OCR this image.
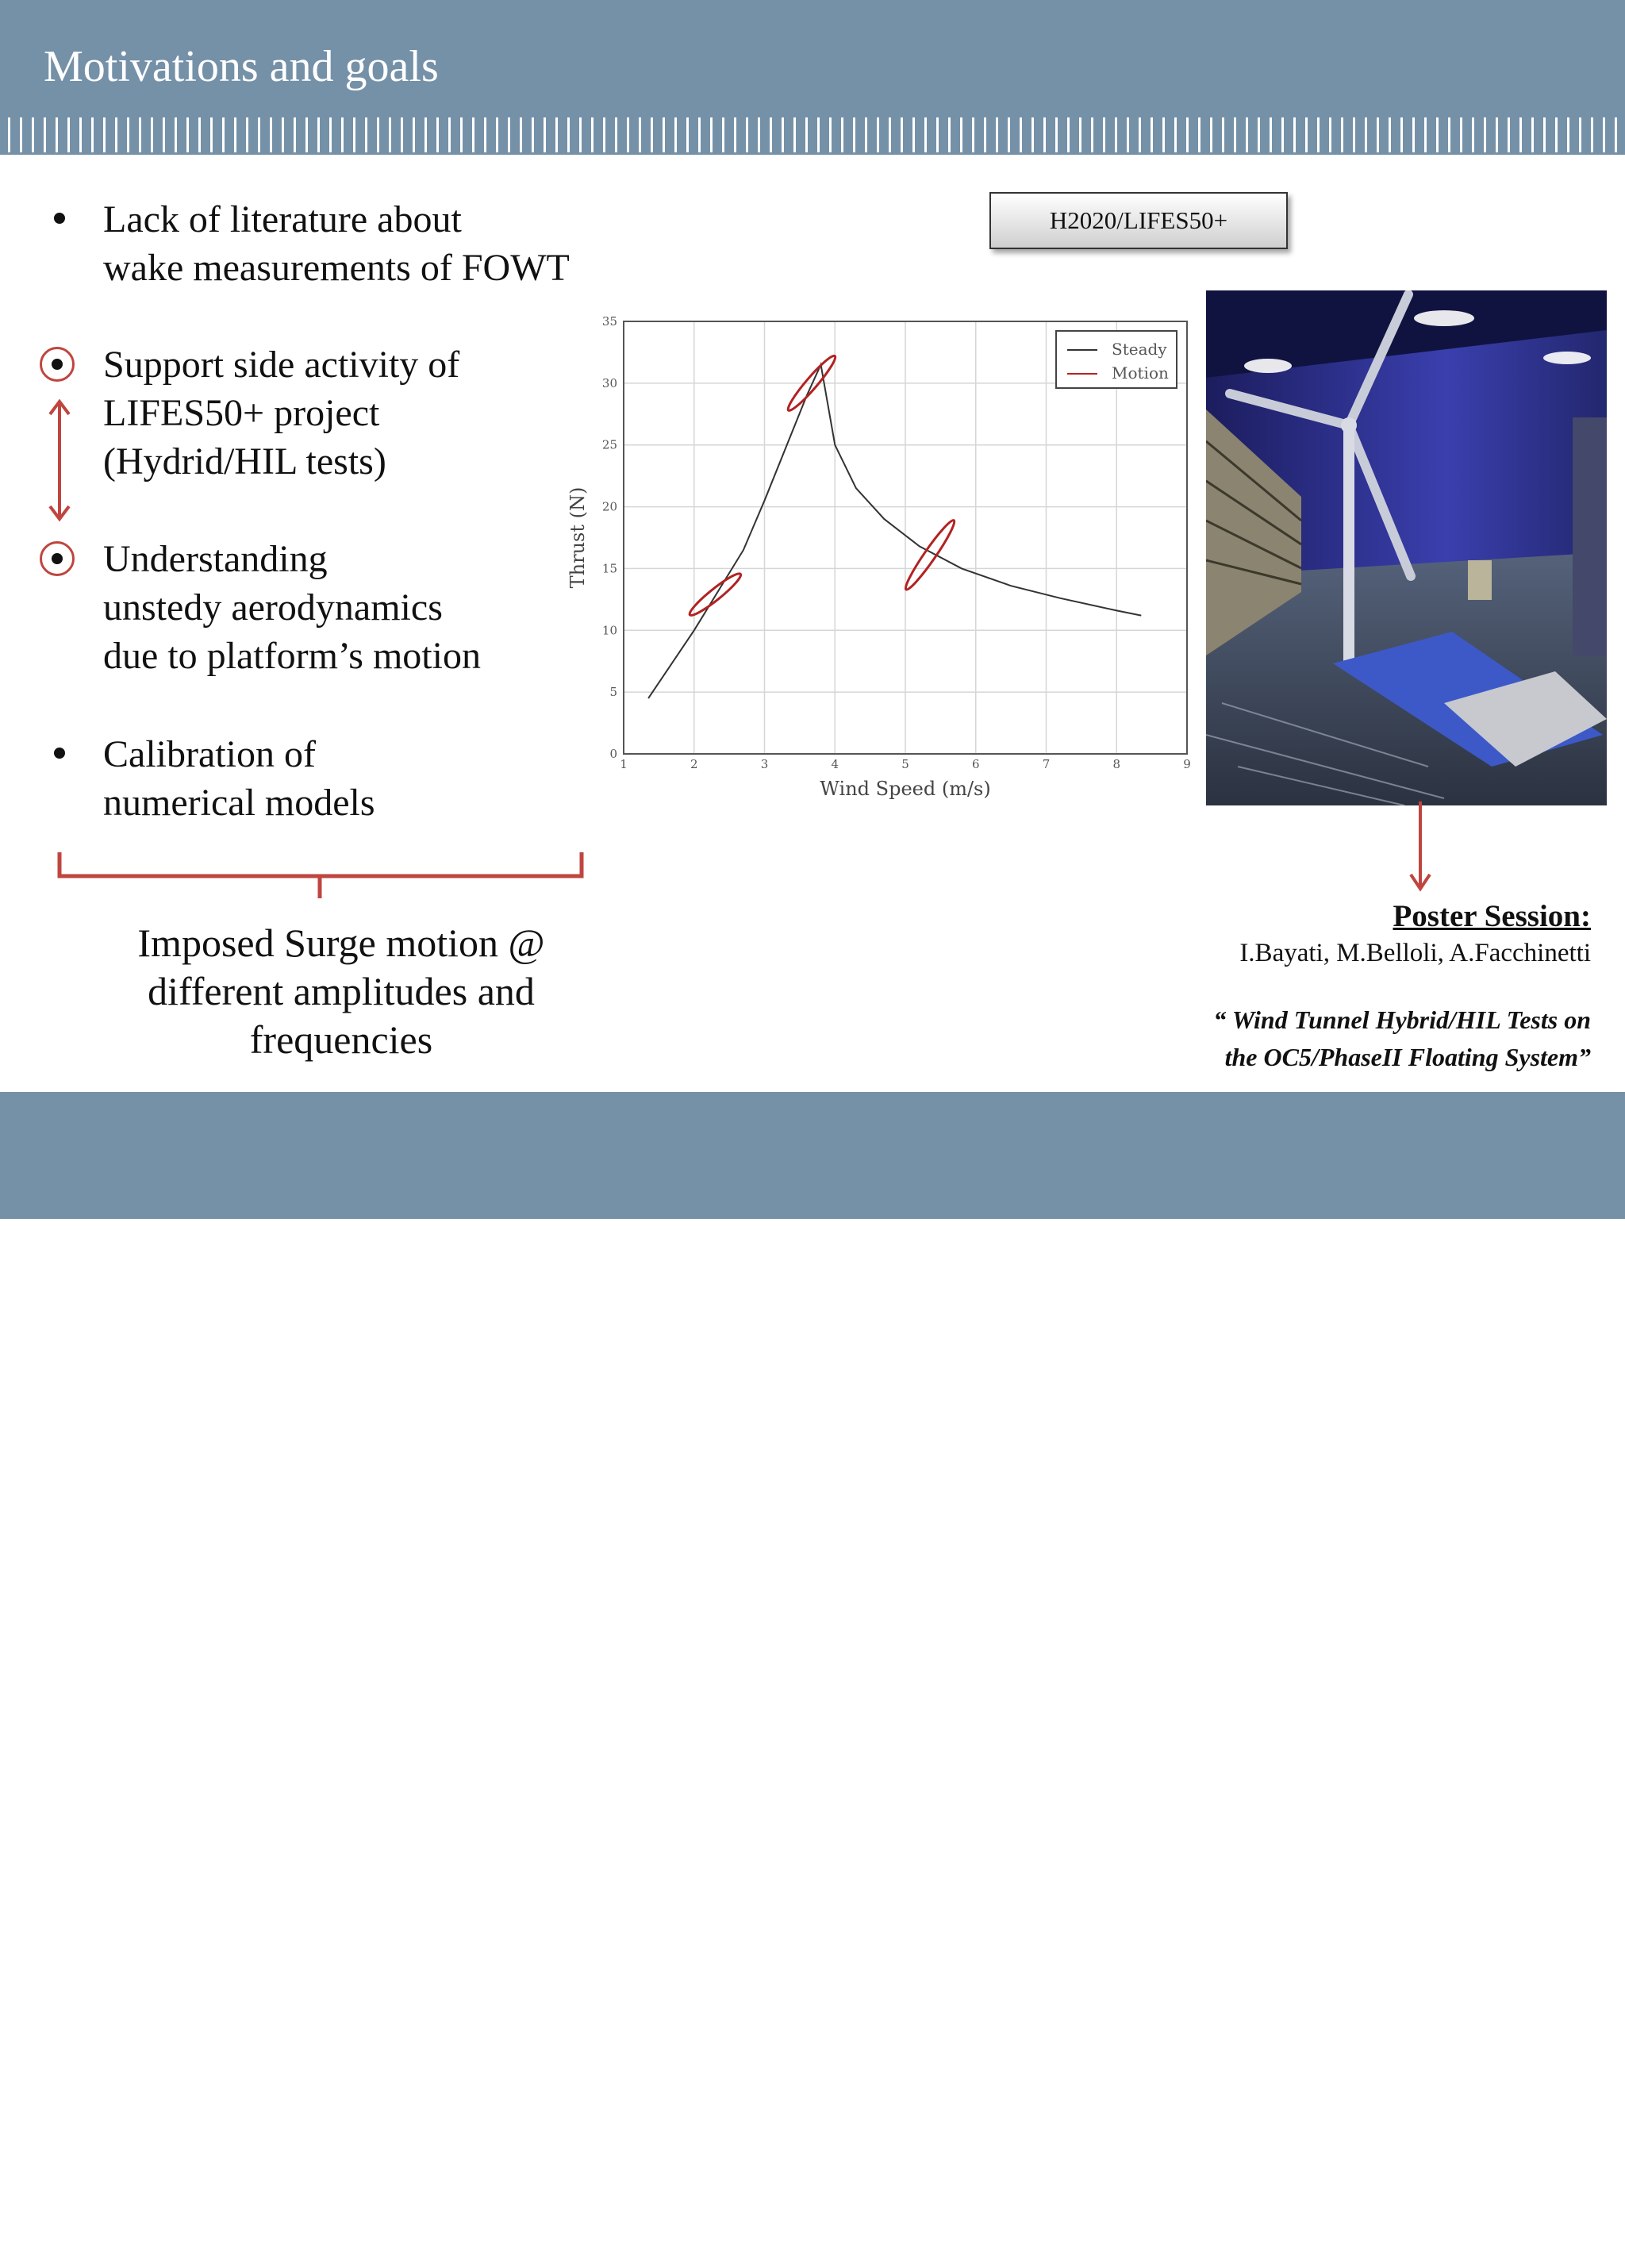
Motivations and goals
Lack of literature about
wake measurements of FOWT
Support side activity of
LIFES50+ project
(Hydrid/HIL tests)
Understanding
unstedy aerodynamics
due to platform’s motion
Calibration of
numerical models
Imposed Surge motion @
different amplitudes and
frequencies
1	2	3	4	5	6	7	8	9
0
5
10
15
20
25
30
35
Wind Speed (m/s)
Thrust (N)
Steady
Motion
H2020/LIFES50+
Poster Session:
I.Bayati, M.Belloli, A.Facchinetti
“ Wind Tunnel Hybrid/HIL Tests on
the OC5/PhaseII Floating System”
I. Bayati, M. Belloli, L. Bernini, A. Zasso	POLITECNICO MILANO 1863
